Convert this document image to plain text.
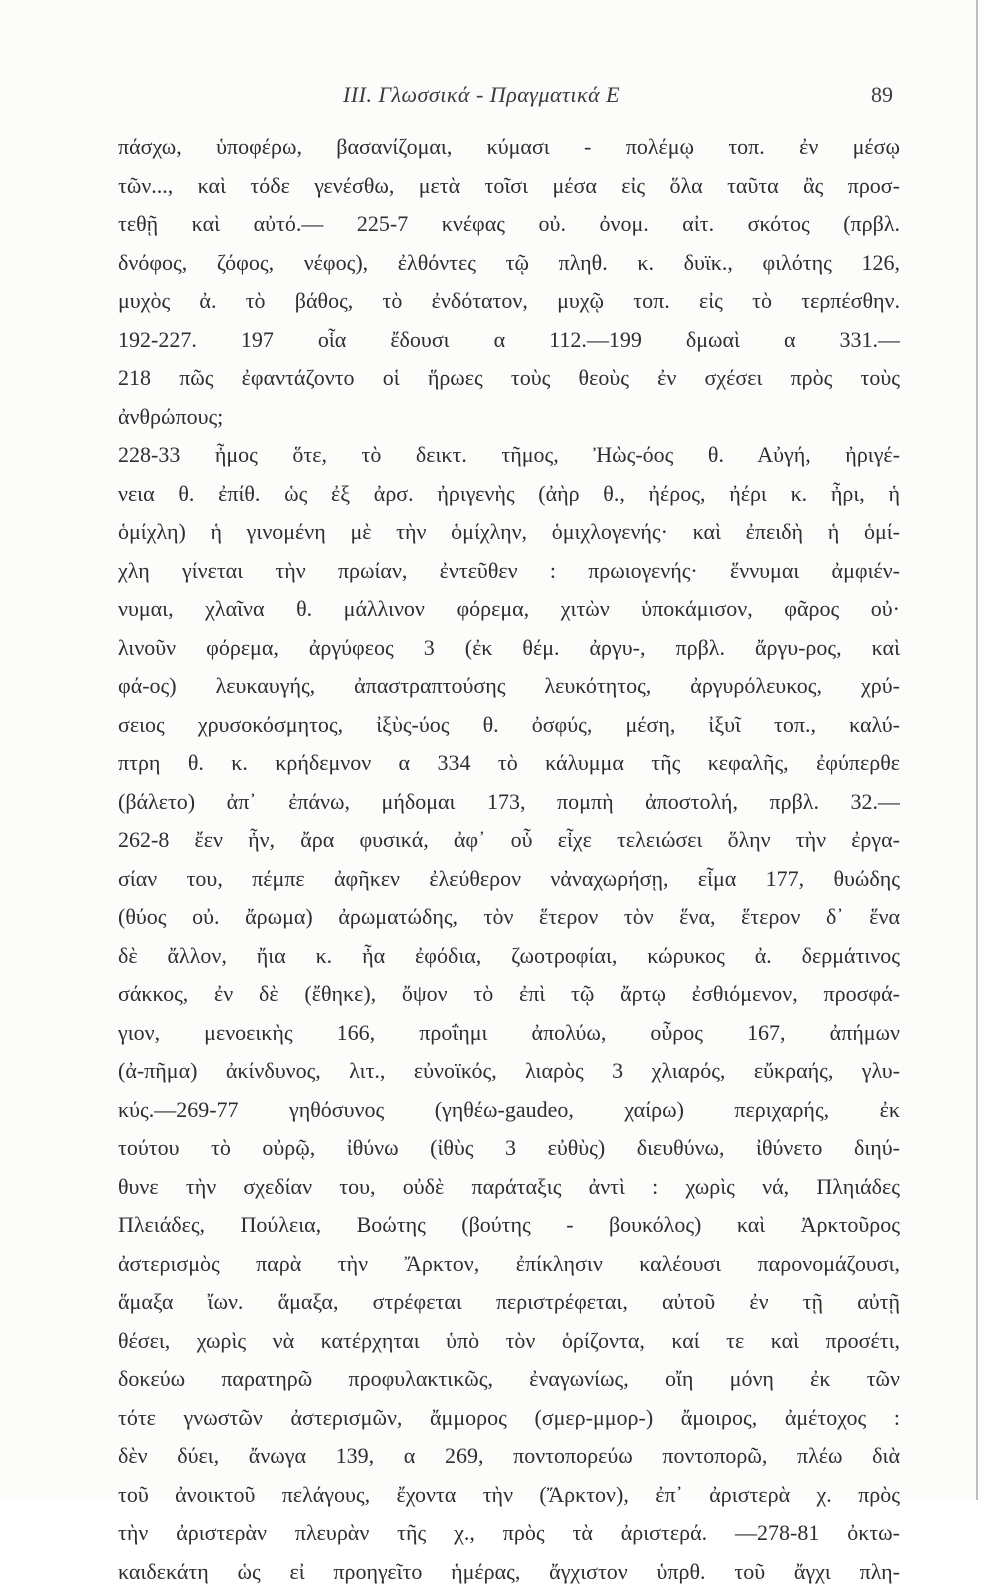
III. Γλωσσικά - Πραγματικά Ε	89
πάσχω, ὑποφέρω, βασανίζομαι, κύμασι - πολέμῳ τοπ. ἐν μέσῳ
τῶν..., καὶ τόδε γενέσθω, μετὰ τοῖσι μέσα εἰς ὅλα ταῦτα ἂς προσ-
τεθῇ καὶ αὐτό.— 225-7 κνέφας οὐ. ὀνομ. αἰτ. σκότος (πρβλ.
δνόφος, ζόφος, νέφος), ἐλθόντες τῷ πληθ. κ. δυϊκ., φιλότης 126,
μυχὸς ἀ. τὸ βάθος, τὸ ἐνδότατον, μυχῷ τοπ. εἰς τὸ τερπέσθην.
192-227. 197 οἷα ἔδουσι α 112.—199 δμωαὶ α 331.—
218 πῶς ἐφαντάζοντο οἱ ἥρωες τοὺς θεοὺς ἐν σχέσει πρὸς τοὺς
ἀνθρώπους;
228-33 ἦμος ὅτε, τὸ δεικτ. τῆμος, Ἠὼς-όος θ. Αὐγή, ἠριγέ-
νεια θ. ἐπίθ. ὡς ἐξ ἀρσ. ἠριγενὴς (ἀὴρ θ., ἠέρος, ἠέρι κ. ἦρι, ἡ
ὁμίχλη) ἡ γινομένη μὲ τὴν ὁμίχλην, ὁμιχλογενής· καὶ ἐπειδὴ ἡ ὁμί-
χλη γίνεται τὴν πρωίαν, ἐντεῦθεν : πρωιογενής· ἕννυμαι ἀμφιέν-
νυμαι, χλαῖνα θ. μάλλινον φόρεμα, χιτὼν ὑποκάμισον, φᾶρος οὐ·
λινοῦν φόρεμα, ἀργύφεος 3 (ἐκ θέμ. ἀργυ-, πρβλ. ἄργυ-ρος, καὶ
φά-ος) λευκαυγής, ἀπαστραπτούσης λευκότητος, ἀργυρόλευκος, χρύ-
σειος χρυσοκόσμητος, ἰξὺς-ύος θ. ὀσφύς, μέση, ἰξυῖ τοπ., καλύ-
πτρη θ. κ. κρήδεμνον α 334 τὸ κάλυμμα τῆς κεφαλῆς, ἐφύπερθε
(βάλετο) ἀπ᾿ ἐπάνω, μήδομαι 173, πομπὴ ἀποστολή, πρβλ. 32.—
262-8 ἔεν ἦν, ἄρα φυσικά, ἀφ᾿ οὗ εἶχε τελειώσει ὅλην τὴν ἐργα-
σίαν του, πέμπε ἀφῆκεν ἐλεύθερον νἀναχωρήσῃ, εἷμα 177, θυώδης
(θύος οὐ. ἄρωμα) ἀρωματώδης, τὸν ἕτερον τὸν ἕνα, ἕτερον δ᾿ ἕνα
δὲ ἄλλον, ἤια κ. ἦα ἐφόδια, ζωοτροφίαι, κώρυκος ἀ. δερμάτινος
σάκκος, ἐν δὲ (ἔθηκε), ὄψον τὸ ἐπὶ τῷ ἄρτῳ ἐσθιόμενον, προσφά-
γιον, μενοεικὴς 166, προΐημι ἀπολύω, οὖρος 167, ἀπήμων
(ἀ-πῆμα) ἀκίνδυνος, λιτ., εὐνοϊκός, λιαρὸς 3 χλιαρός, εὔκραής, γλυ-
κύς.—269-77 γηθόσυνος (γηθέω-gaudeo, χαίρω) περιχαρής, ἐκ
τούτου τὸ οὐρῷ, ἰθύνω (ἰθὺς 3 εὐθὺς) διευθύνω, ἰθύνετο διηύ-
θυνε τὴν σχεδίαν του, οὐδὲ παράταξις ἀντὶ : χωρὶς νά, Πληιάδες
Πλειάδες, Πούλεια, Βοώτης (βούτης - βουκόλος) καὶ Ἀρκτοῦρος
ἀστερισμὸς παρὰ τὴν Ἄρκτον, ἐπίκλησιν καλέουσι παρονομάζουσι,
ἅμαξα ἴων. ἅμαξα, στρέφεται περιστρέφεται, αὐτοῦ ἐν τῇ αὐτῇ
θέσει, χωρὶς νὰ κατέρχηται ὑπὸ τὸν ὁρίζοντα, καί τε καὶ προσέτι,
δοκεύω παρατηρῶ προφυλακτικῶς, ἐναγωνίως, οἴη μόνη ἐκ τῶν
τότε γνωστῶν ἀστερισμῶν, ἄμμορος (σμερ-μμορ-) ἄμοιρος, ἀμέτοχος :
δὲν δύει, ἄνωγα 139, α 269, ποντοπορεύω ποντοπορῶ, πλέω διὰ
τοῦ ἀνοικτοῦ πελάγους, ἔχοντα τὴν (Ἄρκτον), ἐπ᾿ ἀριστερὰ χ. πρὸς
τὴν ἀριστερὰν πλευρὰν τῆς χ., πρὸς τὰ ἀριστερά. —278-81 ὀκτω-
καιδεκάτη ὡς εἰ προηγεῖτο ἡμέρας, ἄγχιστον ὑπρθ. τοῦ ἄγχι πλη-
